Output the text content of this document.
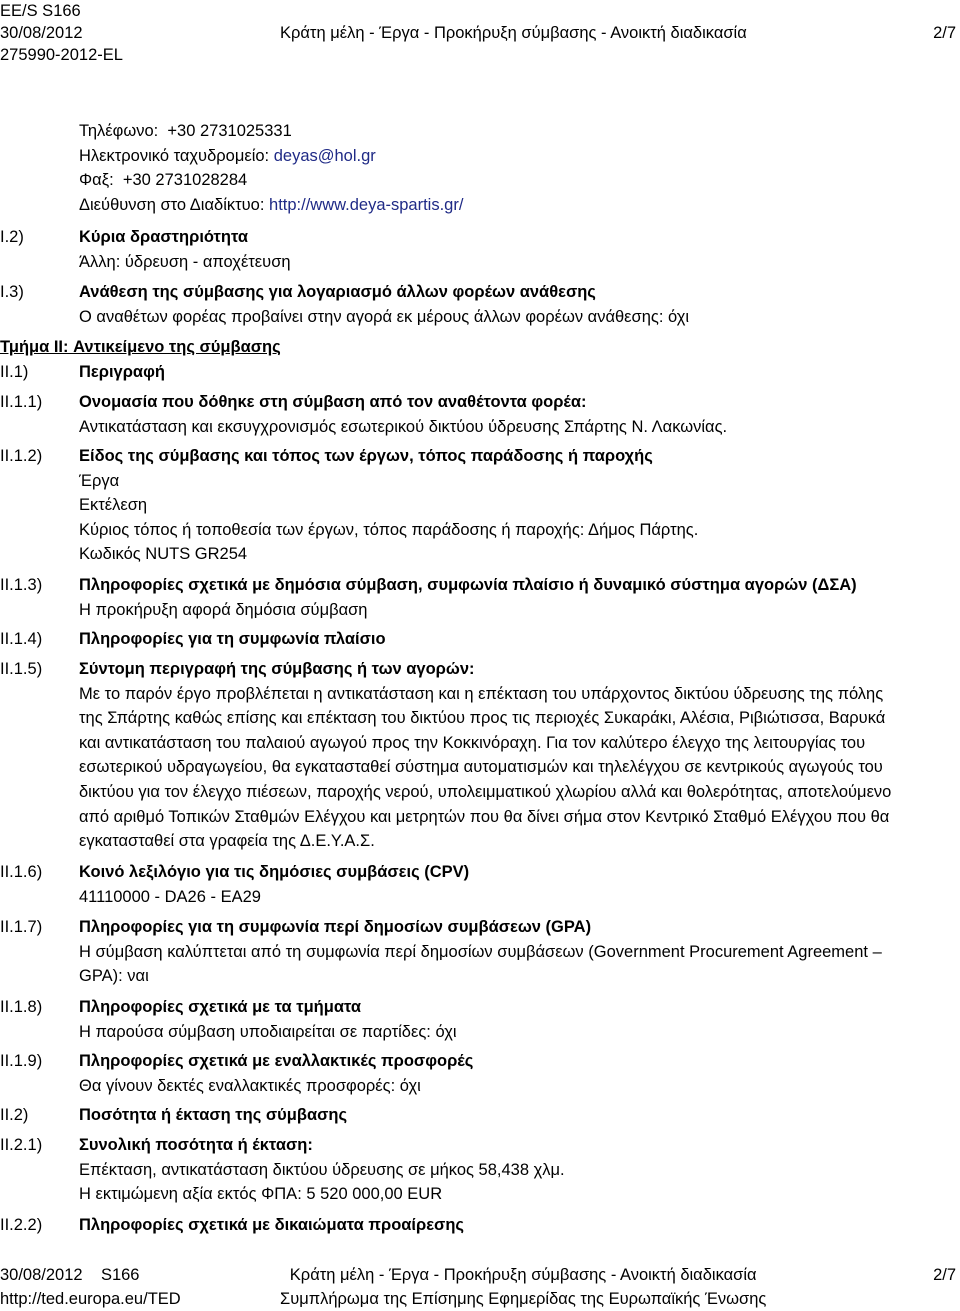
EE/S S166
30/08/2012
275990-2012-EL
Κράτη μέλη - Έργα - Προκήρυξη σύμβασης - Ανοικτή διαδικασία	2/7
Τηλέφωνο: +30 2731025331
Ηλεκτρονικό ταχυδρομείο: deyas@hol.gr
Φαξ: +30 2731028284
Διεύθυνση στο Διαδίκτυο: http://www.deya-spartis.gr/
I.2)	Κύρια δραστηριότητα
Άλλη: ύδρευση - αποχέτευση
I.3)	Ανάθεση της σύμβασης για λογαριασμό άλλων φορέων ανάθεσης
Ο αναθέτων φορέας προβαίνει στην αγορά εκ μέρους άλλων φορέων ανάθεσης: όχι
Τμήμα II: Αντικείμενο της σύμβασης
II.1)	Περιγραφή
II.1.1) Ονομασία που δόθηκε στη σύμβαση από τον αναθέτοντα φορέα:
Αντικατάσταση και εκσυγχρονισμός εσωτερικού δικτύου ύδρευσης Σπάρτης Ν. Λακωνίας.
II.1.2) Είδος της σύμβασης και τόπος των έργων, τόπος παράδοσης ή παροχής
Έργα
Εκτέλεση
Κύριος τόπος ή τοποθεσία των έργων, τόπος παράδοσης ή παροχής: Δήμος Πάρτης.
Κωδικός NUTS GR254
II.1.3) Πληροφορίες σχετικά με δημόσια σύμβαση, συμφωνία πλαίσιο ή δυναμικό σύστημα αγορών (ΔΣΑ)
Η προκήρυξη αφορά δημόσια σύμβαση
II.1.4) Πληροφορίες για τη συμφωνία πλαίσιο
II.1.5) Σύντομη περιγραφή της σύμβασης ή των αγορών:
Με το παρόν έργο προβλέπεται η αντικατάσταση και η επέκταση του υπάρχοντος δικτύου ύδρευσης της πόλης
της Σπάρτης καθώς επίσης και επέκταση του δικτύου προς τις περιοχές Συκαράκι, Αλέσια, Ριβιώτισσα, Βαρυκά
και αντικατάσταση του παλαιού αγωγού προς την Κοκκινόραχη. Για τον καλύτερο έλεγχο της λειτουργίας του
εσωτερικού υδραγωγείου, θα εγκατασταθεί σύστημα αυτοματισμών και τηλελέγχου σε κεντρικούς αγωγούς του
δικτύου για τον έλεγχο πιέσεων, παροχής νερού, υπολειμματικού χλωρίου αλλά και θολερότητας, αποτελούμενο
από αριθμό Τοπικών Σταθμών Ελέγχου και μετρητών που θα δίνει σήμα στον Κεντρικό Σταθμό Ελέγχου που θα
εγκατασταθεί στα γραφεία της Δ.Ε.Υ.Α.Σ.
II.1.6) Κοινό λεξιλόγιο για τις δημόσιες συμβάσεις (CPV)
41110000 - DA26 - EA29
II.1.7) Πληροφορίες για τη συμφωνία περί δημοσίων συμβάσεων (GPA)
Η σύμβαση καλύπτεται από τη συμφωνία περί δημοσίων συμβάσεων (Government Procurement Agreement –
GPA): ναι
II.1.8) Πληροφορίες σχετικά με τα τμήματα
Η παρούσα σύμβαση υποδιαιρείται σε παρτίδες: όχι
II.1.9) Πληροφορίες σχετικά με εναλλακτικές προσφορές
Θα γίνουν δεκτές εναλλακτικές προσφορές: όχι
II.2)	Ποσότητα ή έκταση της σύμβασης
II.2.1) Συνολική ποσότητα ή έκταση:
Επέκταση, αντικατάσταση δικτύου ύδρευσης σε μήκος 58,438 χλμ.
Η εκτιμώμενη αξία εκτός ΦΠΑ: 5 520 000,00 EUR
II.2.2) Πληροφορίες σχετικά με δικαιώματα προαίρεσης
30/08/2012 S166
http://ted.europa.eu/TED
Κράτη μέλη - Έργα - Προκήρυξη σύμβασης - Ανοικτή διαδικασία
Συμπλήρωμα της Επίσημης Εφημερίδας της Ευρωπαϊκής Ένωσης
2/7
